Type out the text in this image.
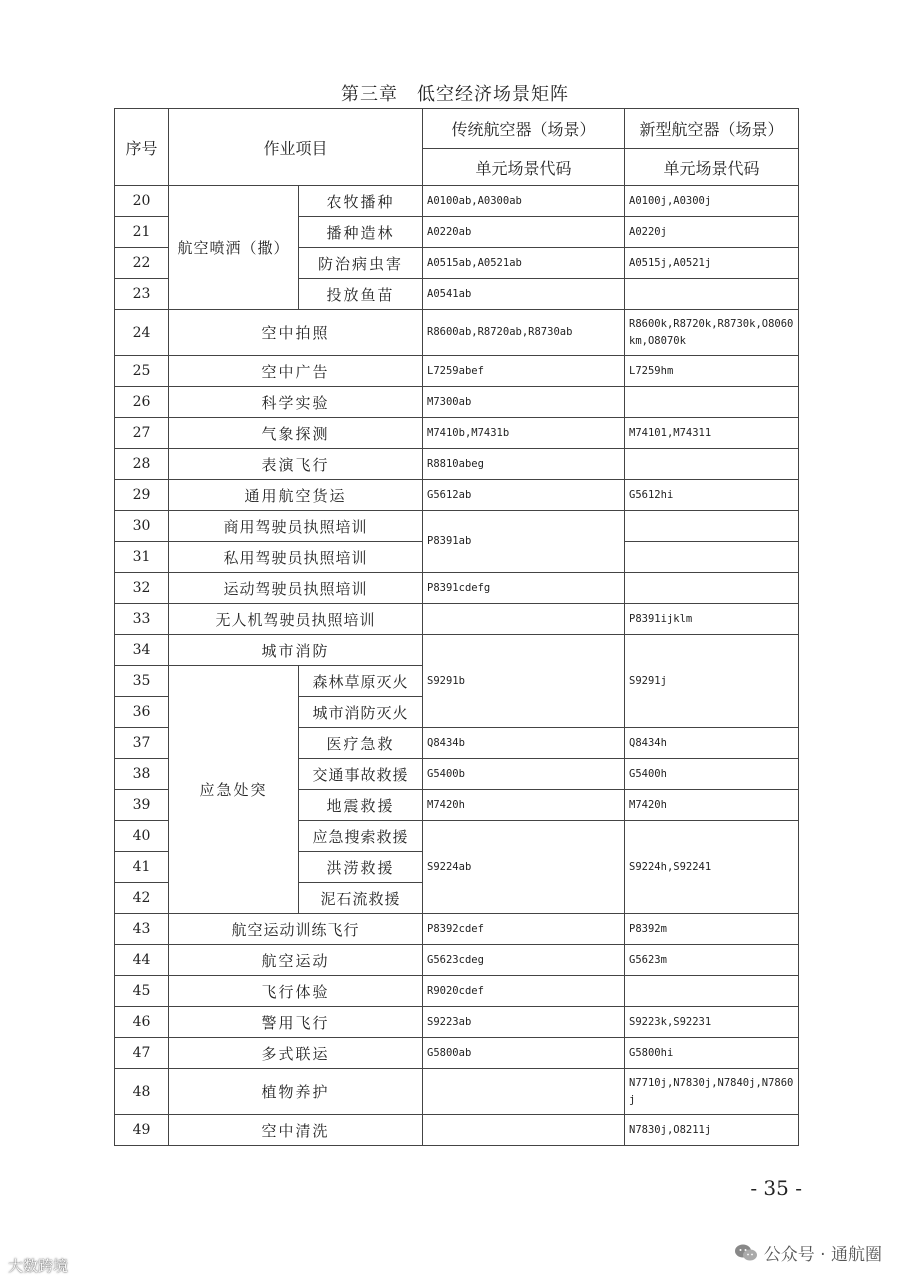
第三章　低空经济场景矩阵
序号	作业项目		传统航空器（场景）	新型航空器（场景）
			单元场景代码	单元场景代码
20	航空喷洒（撒）	农牧播种	A0100ab,A0300ab	A0100j,A0300j
21		播种造林	A0220ab	A0220j
22		防治病虫害	A0515ab,A0521ab	A0515j,A0521j
23		投放鱼苗	A0541ab	
24	空中拍照		R8600ab,R8720ab,R8730ab	R8600k,R8720k,R8730k,O8060km,O8070k
25	空中广告		L7259abef	L7259hm
26	科学实验		M7300ab	
27	气象探测		M7410b,M7431b	M74101,M74311
28	表演飞行		R8810abeg	
29	通用航空货运		G5612ab	G5612hi
30	商用驾驶员执照培训		P8391ab	
31	私用驾驶员执照培训			
32	运动驾驶员执照培训		P8391cdefg	
33	无人机驾驶员执照培训			P8391ijklm
34	城市消防		S9291b	S9291j
35	应急处突	森林草原灭火		
36		城市消防灭火		
37		医疗急救	Q8434b	Q8434h
38		交通事故救援	G5400b	G5400h
39		地震救援	M7420h	M7420h
40		应急搜索救援	S9224ab	S9224h,S92241
41		洪涝救援		
42		泥石流救援		
43	航空运动训练飞行		P8392cdef	P8392m
44	航空运动		G5623cdeg	G5623m
45	飞行体验		R9020cdef	
46	警用飞行		S9223ab	S9223k,S92231
47	多式联运		G5800ab	G5800hi
48	植物养护			N7710j,N7830j,N7840j,N7860j
49	空中清洗			N7830j,O8211j
- 35 -
大数跨境
公众号 · 通航圈
